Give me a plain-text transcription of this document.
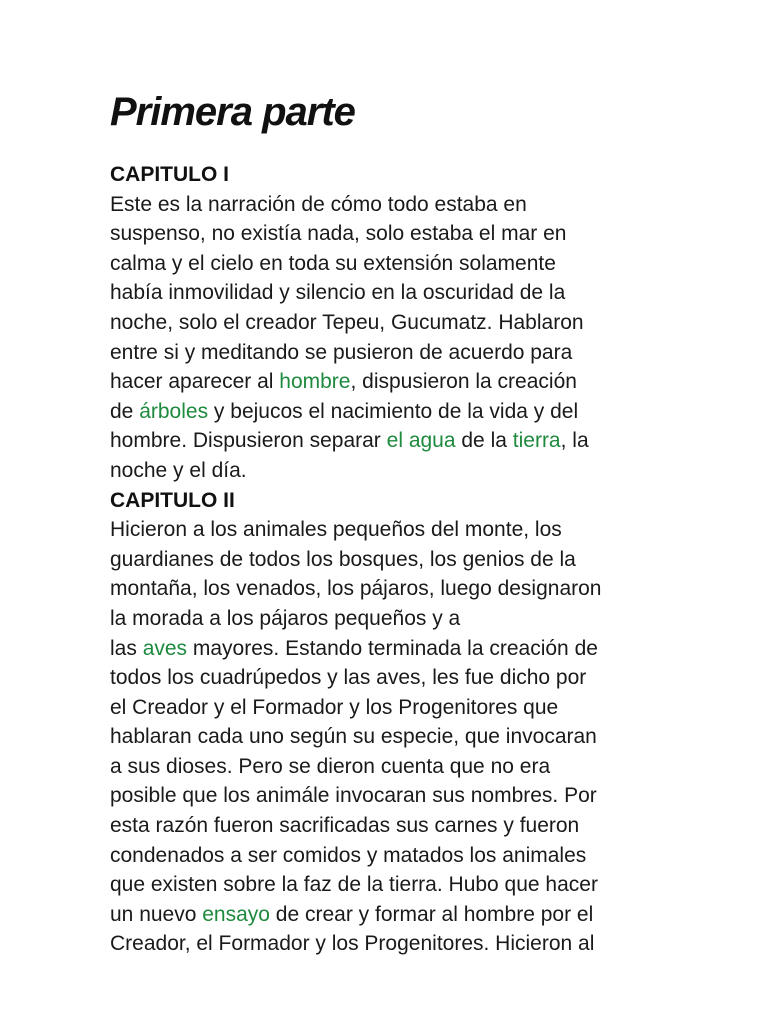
Primera parte
CAPITULO I
Este es la narración de cómo todo estaba en
suspenso, no existía nada, solo estaba el mar en
calma y el cielo en toda su extensión solamente
había inmovilidad y silencio en la oscuridad de la
noche, solo el creador Tepeu, Gucumatz. Hablaron
entre si y meditando se pusieron de acuerdo para
hacer aparecer al hombre, dispusieron la creación
de árboles y bejucos el nacimiento de la vida y del
hombre. Dispusieron separar el agua de la tierra, la
noche y el día.
CAPITULO II
Hicieron a los animales pequeños del monte, los
guardianes de todos los bosques, los genios de la
montaña, los venados, los pájaros, luego designaron
la morada a los pájaros pequeños y a
las aves mayores. Estando terminada la creación de
todos los cuadrúpedos y las aves, les fue dicho por
el Creador y el Formador y los Progenitores que
hablaran cada uno según su especie, que invocaran
a sus dioses. Pero se dieron cuenta que no era
posible que los animále invocaran sus nombres. Por
esta razón fueron sacrificadas sus carnes y fueron
condenados a ser comidos y matados los animales
que existen sobre la faz de la tierra. Hubo que hacer
un nuevo ensayo de crear y formar al hombre por el
Creador, el Formador y los Progenitores. Hicieron al
